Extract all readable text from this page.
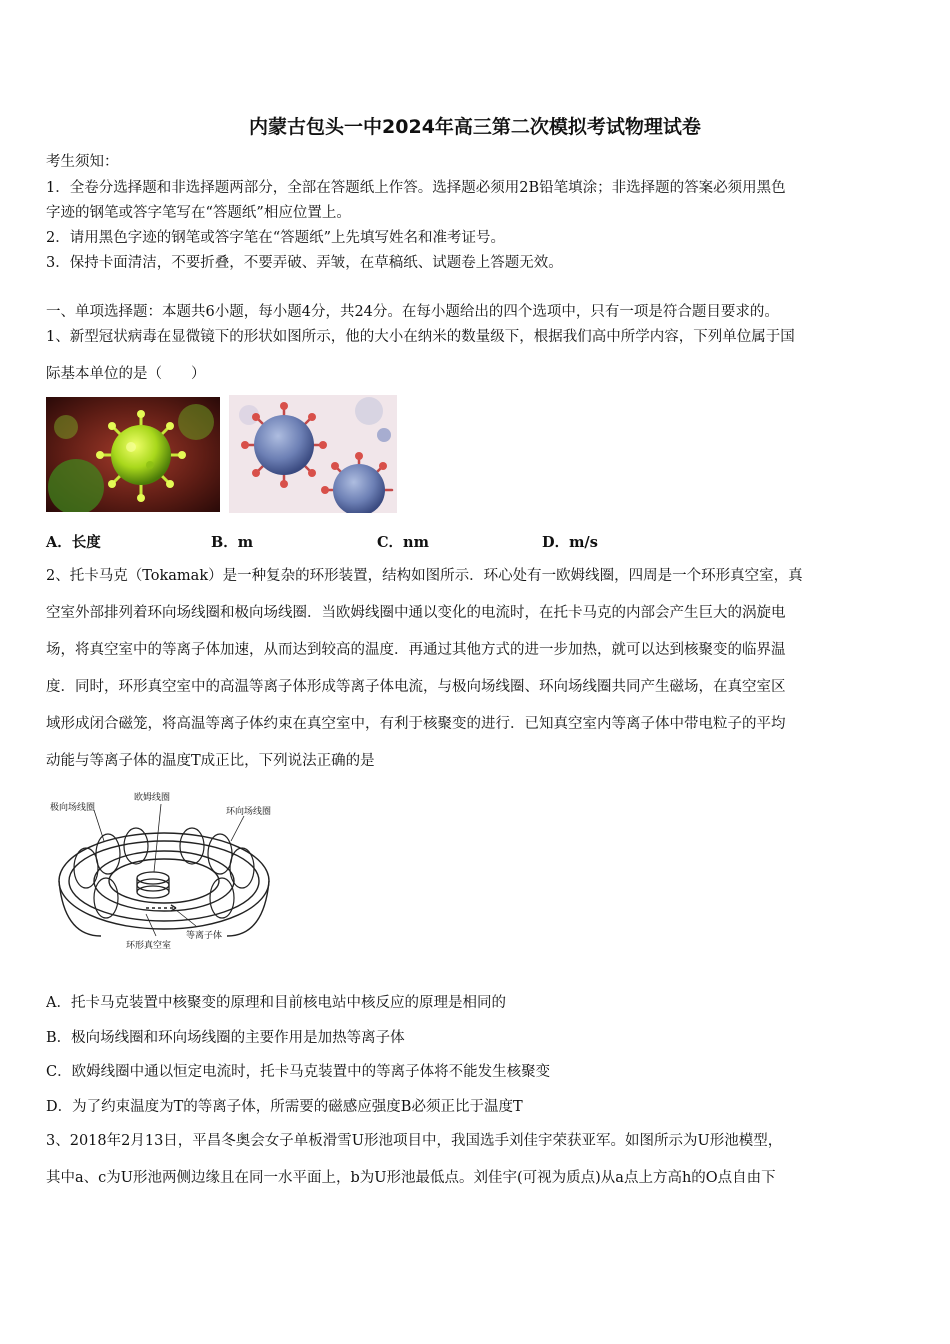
内蒙古包头一中2024年高三第二次模拟考试物理试卷
考生须知：
1．全卷分选择题和非选择题两部分，全部在答题纸上作答。选择题必须用2B铅笔填涂；非选择题的答案必须用黑色
字迹的钢笔或答字笔写在“答题纸”相应位置上。
2．请用黑色字迹的钢笔或答字笔在“答题纸”上先填写姓名和准考证号。
3．保持卡面清洁，不要折叠，不要弄破、弄皱，在草稿纸、试题卷上答题无效。
一、单项选择题：本题共6小题，每小题4分，共24分。在每小题给出的四个选项中，只有一项是符合题目要求的。
1、新型冠状病毒在显微镜下的形状如图所示，他的大小在纳米的数量级下，根据我们高中所学内容，下列单位属于国
际基本单位的是（　　）
A．长度	B．m	C．nm	D．m/s
2、托卡马克（Tokamak）是一种复杂的环形装置，结构如图所示．环心处有一欧姆线圈，四周是一个环形真空室，真
空室外部排列着环向场线圈和极向场线圈．当欧姆线圈中通以变化的电流时，在托卡马克的内部会产生巨大的涡旋电
场，将真空室中的等离子体加速，从而达到较高的温度．再通过其他方式的进一步加热，就可以达到核聚变的临界温
度．同时，环形真空室中的高温等离子体形成等离子体电流，与极向场线圈、环向场线圈共同产生磁场，在真空室区
域形成闭合磁笼，将高温等离子体约束在真空室中，有利于核聚变的进行．已知真空室内等离子体中带电粒子的平均
动能与等离子体的温度T成正比，下列说法正确的是
极向场线圈
欧姆线圈
环向场线圈
等离子体
环形真空室
A．托卡马克装置中核聚变的原理和目前核电站中核反应的原理是相同的
B．极向场线圈和环向场线圈的主要作用是加热等离子体
C．欧姆线圈中通以恒定电流时，托卡马克装置中的等离子体将不能发生核聚变
D．为了约束温度为T的等离子体，所需要的磁感应强度B必须正比于温度T
3、2018年2月13日，平昌冬奥会女子单板滑雪U形池项目中，我国选手刘佳宇荣获亚军。如图所示为U形池模型，
其中a、c为U形池两侧边缘且在同一水平面上，b为U形池最低点。刘佳宇(可视为质点)从a点上方高h的O点自由下
